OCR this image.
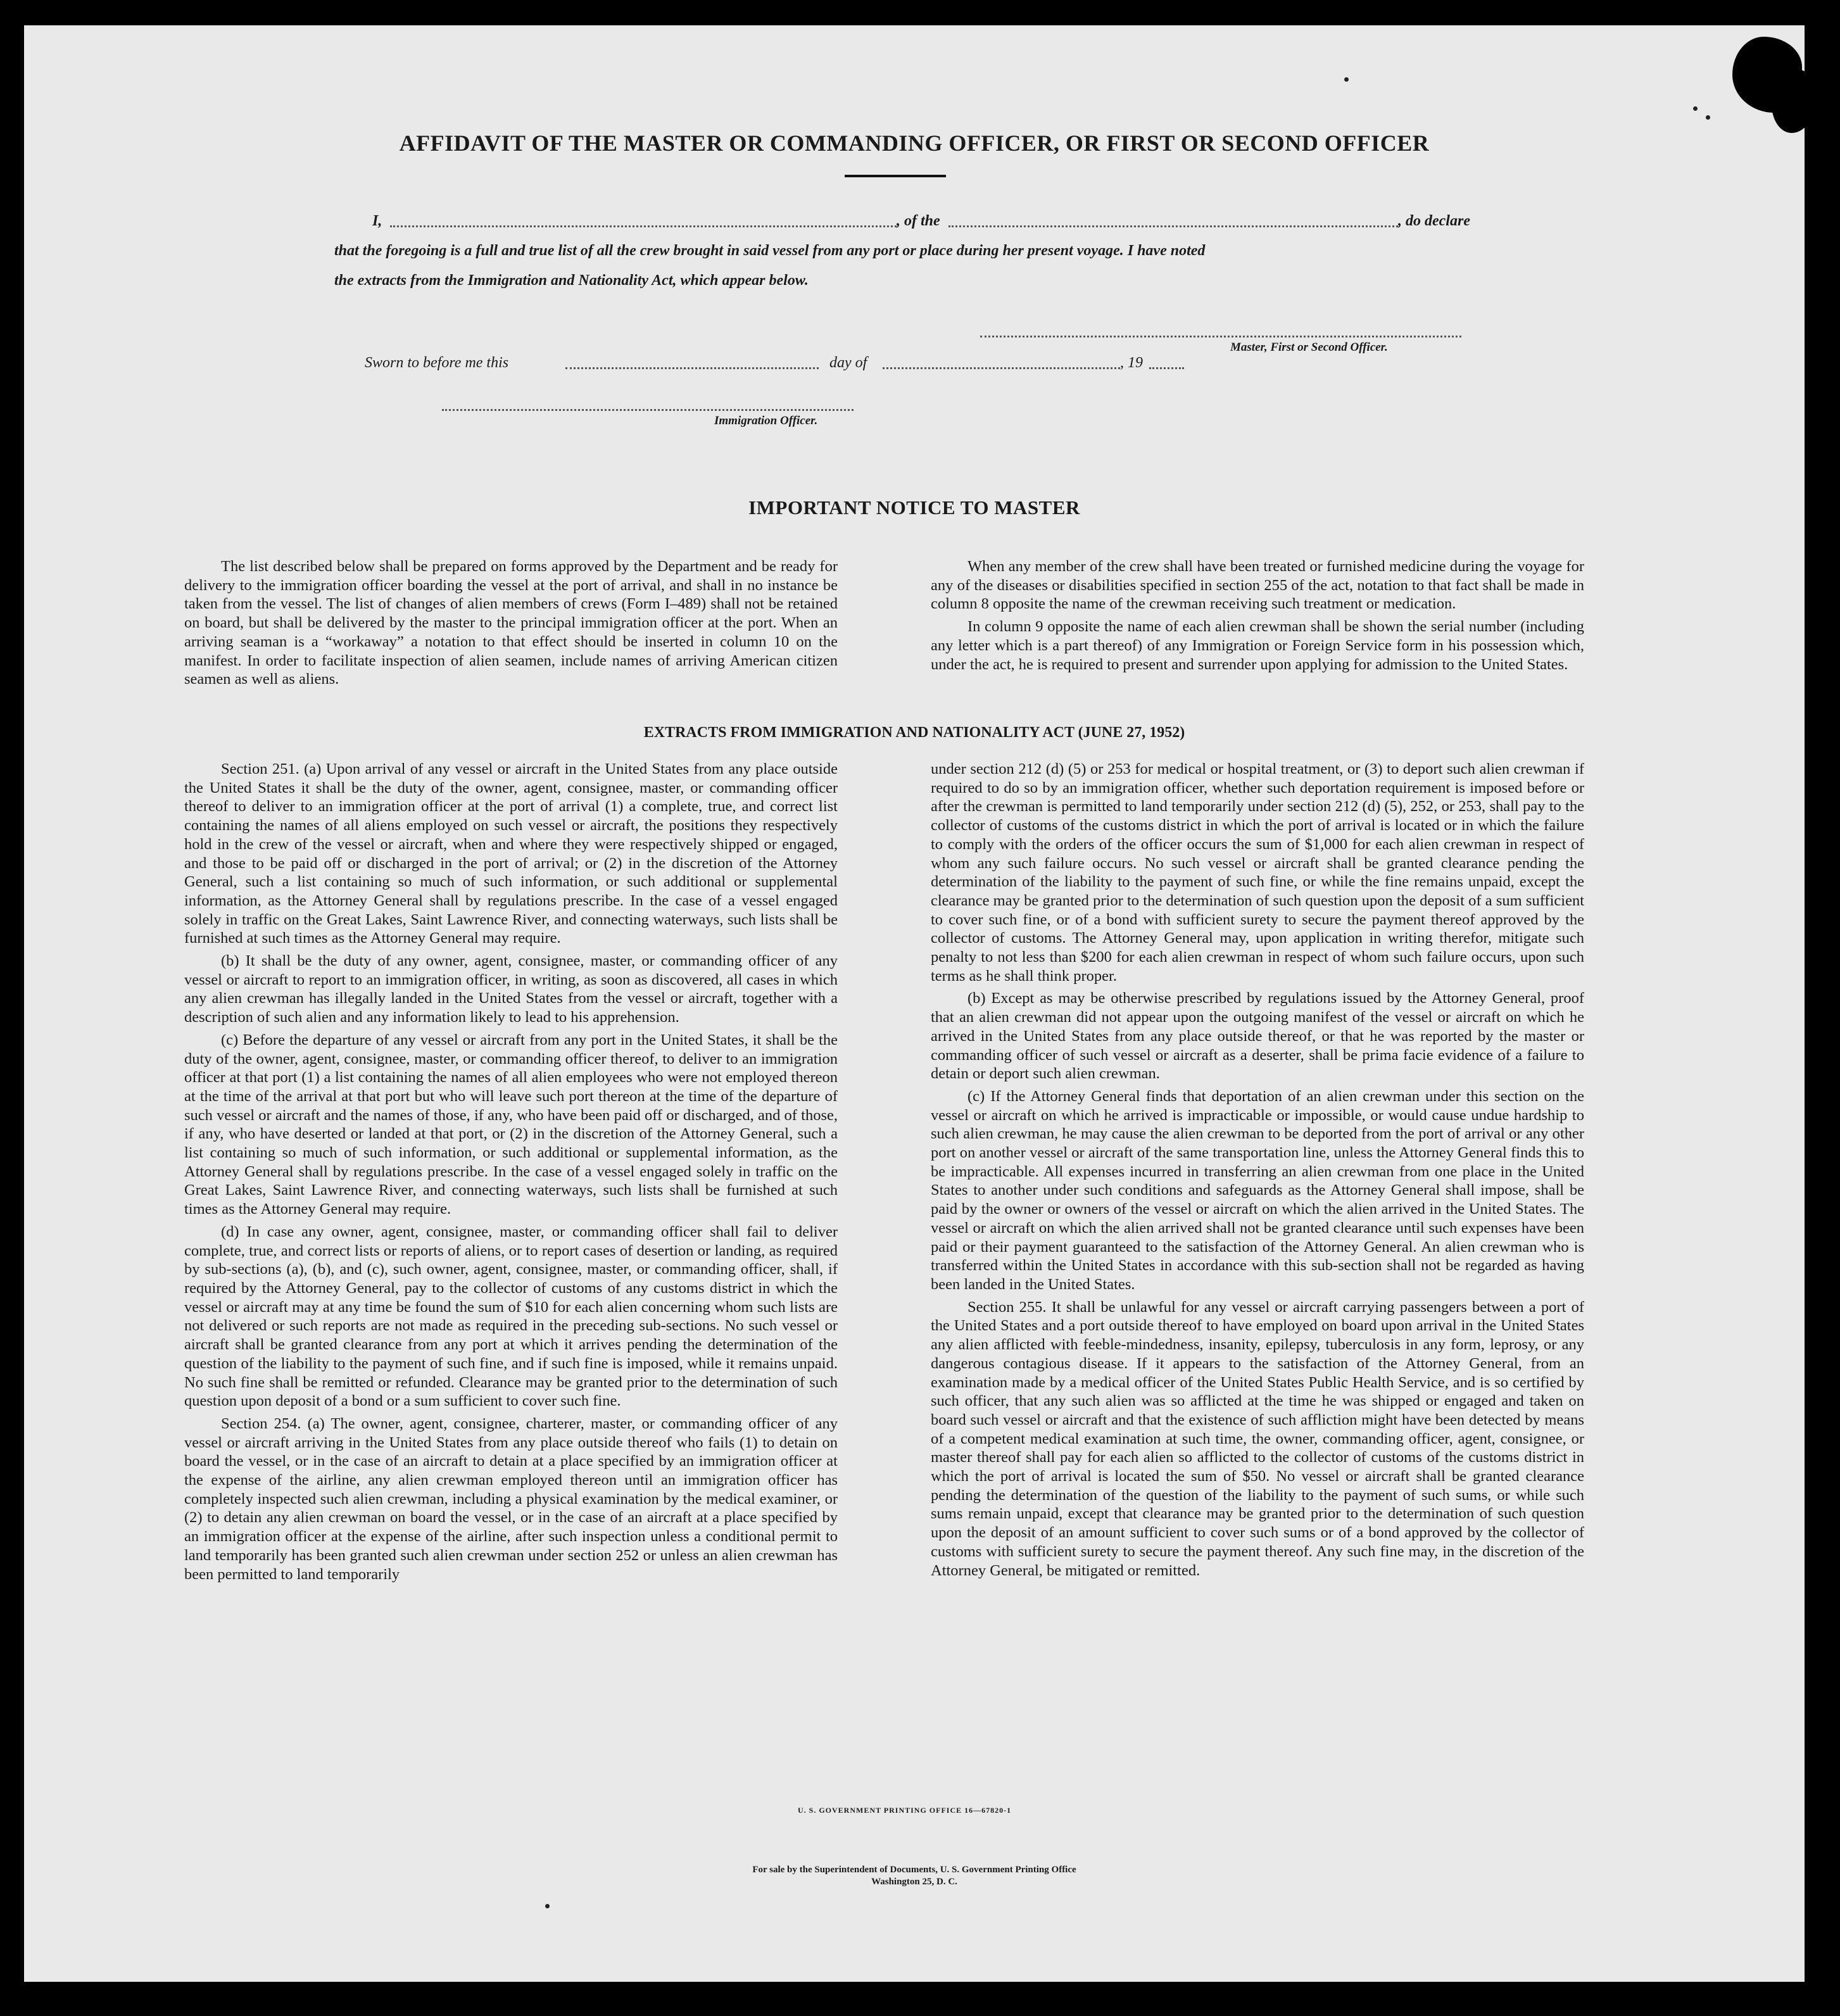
AFFIDAVIT OF THE MASTER OR COMMANDING OFFICER, OR FIRST OR SECOND OFFICER
I,	, of the	, do declare
that the foregoing is a full and true list of all the crew brought in said vessel from any port or place during her present voyage. I have noted
the extracts from the Immigration and Nationality Act, which appear below.
Master, First or Second Officer.
Sworn to before me this	day of	, 19
Immigration Officer.
IMPORTANT NOTICE TO MASTER

The list described below shall be prepared on forms approved by the Department and be ready for delivery to the immigration officer boarding the vessel at the port of arrival, and shall in no instance be taken from the vessel. The list of changes of alien members of crews (Form I–489) shall not be retained on board, but shall be delivered by the master to the principal immigration officer at the port. When an arriving seaman is a “workaway” a notation to that effect should be inserted in column 10 on the manifest. In order to facilitate inspection of alien seamen, include names of arriving American citizen seamen as well as aliens.

When any member of the crew shall have been treated or furnished medicine during the voyage for any of the diseases or disabilities specified in section 255 of the act, notation to that fact shall be made in column 8 opposite the name of the crewman receiving such treatment or medication.

In column 9 opposite the name of each alien crewman shall be shown the serial number (including any letter which is a part thereof) of any Immigration or Foreign Service form in his possession which, under the act, he is required to present and surrender upon applying for admission to the United States.

EXTRACTS FROM IMMIGRATION AND NATIONALITY ACT (JUNE 27, 1952)

Section 251. (a) Upon arrival of any vessel or aircraft in the United States from any place outside the United States it shall be the duty of the owner, agent, consignee, master, or commanding officer thereof to deliver to an immigration officer at the port of arrival (1) a complete, true, and correct list containing the names of all aliens employed on such vessel or aircraft, the positions they respectively hold in the crew of the vessel or aircraft, when and where they were respectively shipped or engaged, and those to be paid off or discharged in the port of arrival; or (2) in the discretion of the Attorney General, such a list containing so much of such information, or such additional or supplemental information, as the Attorney General shall by regulations prescribe. In the case of a vessel engaged solely in traffic on the Great Lakes, Saint Lawrence River, and connecting waterways, such lists shall be furnished at such times as the Attorney General may require.

(b) It shall be the duty of any owner, agent, consignee, master, or commanding officer of any vessel or aircraft to report to an immigration officer, in writing, as soon as discovered, all cases in which any alien crewman has illegally landed in the United States from the vessel or aircraft, together with a description of such alien and any information likely to lead to his apprehension.

(c) Before the departure of any vessel or aircraft from any port in the United States, it shall be the duty of the owner, agent, consignee, master, or commanding officer thereof, to deliver to an immigration officer at that port (1) a list containing the names of all alien employees who were not employed thereon at the time of the arrival at that port but who will leave such port thereon at the time of the departure of such vessel or aircraft and the names of those, if any, who have been paid off or discharged, and of those, if any, who have deserted or landed at that port, or (2) in the discretion of the Attorney General, such a list containing so much of such information, or such additional or supplemental information, as the Attorney General shall by regulations prescribe. In the case of a vessel engaged solely in traffic on the Great Lakes, Saint Lawrence River, and connecting waterways, such lists shall be furnished at such times as the Attorney General may require.

(d) In case any owner, agent, consignee, master, or commanding officer shall fail to deliver complete, true, and correct lists or reports of aliens, or to report cases of desertion or landing, as required by sub-sections (a), (b), and (c), such owner, agent, consignee, master, or commanding officer, shall, if required by the Attorney General, pay to the collector of customs of any customs district in which the vessel or aircraft may at any time be found the sum of $10 for each alien concerning whom such lists are not delivered or such reports are not made as required in the preceding sub-sections. No such vessel or aircraft shall be granted clearance from any port at which it arrives pending the determination of the question of the liability to the payment of such fine, and if such fine is imposed, while it remains unpaid. No such fine shall be remitted or refunded. Clearance may be granted prior to the determination of such question upon deposit of a bond or a sum sufficient to cover such fine.

Section 254. (a) The owner, agent, consignee, charterer, master, or commanding officer of any vessel or aircraft arriving in the United States from any place outside thereof who fails (1) to detain on board the vessel, or in the case of an aircraft to detain at a place specified by an immigration officer at the expense of the airline, any alien crewman employed thereon until an immigration officer has completely inspected such alien crewman, including a physical examination by the medical examiner, or (2) to detain any alien crewman on board the vessel, or in the case of an aircraft at a place specified by an immigration officer at the expense of the airline, after such inspection unless a conditional permit to land temporarily has been granted such alien crewman under section 252 or unless an alien crewman has been permitted to land temporarily

under section 212 (d) (5) or 253 for medical or hospital treatment, or (3) to deport such alien crewman if required to do so by an immigration officer, whether such deportation requirement is imposed before or after the crewman is permitted to land temporarily under section 212 (d) (5), 252, or 253, shall pay to the collector of customs of the customs district in which the port of arrival is located or in which the failure to comply with the orders of the officer occurs the sum of $1,000 for each alien crewman in respect of whom any such failure occurs. No such vessel or aircraft shall be granted clearance pending the determination of the liability to the payment of such fine, or while the fine remains unpaid, except the clearance may be granted prior to the determination of such question upon the deposit of a sum sufficient to cover such fine, or of a bond with sufficient surety to secure the payment thereof approved by the collector of customs. The Attorney General may, upon application in writing therefor, mitigate such penalty to not less than $200 for each alien crewman in respect of whom such failure occurs, upon such terms as he shall think proper.

(b) Except as may be otherwise prescribed by regulations issued by the Attorney General, proof that an alien crewman did not appear upon the outgoing manifest of the vessel or aircraft on which he arrived in the United States from any place outside thereof, or that he was reported by the master or commanding officer of such vessel or aircraft as a deserter, shall be prima facie evidence of a failure to detain or deport such alien crewman.

(c) If the Attorney General finds that deportation of an alien crewman under this section on the vessel or aircraft on which he arrived is impracticable or impossible, or would cause undue hardship to such alien crewman, he may cause the alien crewman to be deported from the port of arrival or any other port on another vessel or aircraft of the same transportation line, unless the Attorney General finds this to be impracticable. All expenses incurred in transferring an alien crewman from one place in the United States to another under such conditions and safeguards as the Attorney General shall impose, shall be paid by the owner or owners of the vessel or aircraft on which the alien arrived in the United States. The vessel or aircraft on which the alien arrived shall not be granted clearance until such expenses have been paid or their payment guaranteed to the satisfaction of the Attorney General. An alien crewman who is transferred within the United States in accordance with this sub-section shall not be regarded as having been landed in the United States.

Section 255. It shall be unlawful for any vessel or aircraft carrying passengers between a port of the United States and a port outside thereof to have employed on board upon arrival in the United States any alien afflicted with feeble-mindedness, insanity, epilepsy, tuberculosis in any form, leprosy, or any dangerous contagious disease. If it appears to the satisfaction of the Attorney General, from an examination made by a medical officer of the United States Public Health Service, and is so certified by such officer, that any such alien was so afflicted at the time he was shipped or engaged and taken on board such vessel or aircraft and that the existence of such affliction might have been detected by means of a competent medical examination at such time, the owner, commanding officer, agent, consignee, or master thereof shall pay for each alien so afflicted to the collector of customs of the customs district in which the port of arrival is located the sum of $50. No vessel or aircraft shall be granted clearance pending the determination of the question of the liability to the payment of such sums, or while such sums remain unpaid, except that clearance may be granted prior to the determination of such question upon the deposit of an amount sufficient to cover such sums or of a bond approved by the collector of customs with sufficient surety to secure the payment thereof. Any such fine may, in the discretion of the Attorney General, be mitigated or remitted.

U. S. GOVERNMENT PRINTING OFFICE 16—67820-1
For sale by the Superintendent of Documents, U. S. Government Printing Office
Washington 25, D. C.
